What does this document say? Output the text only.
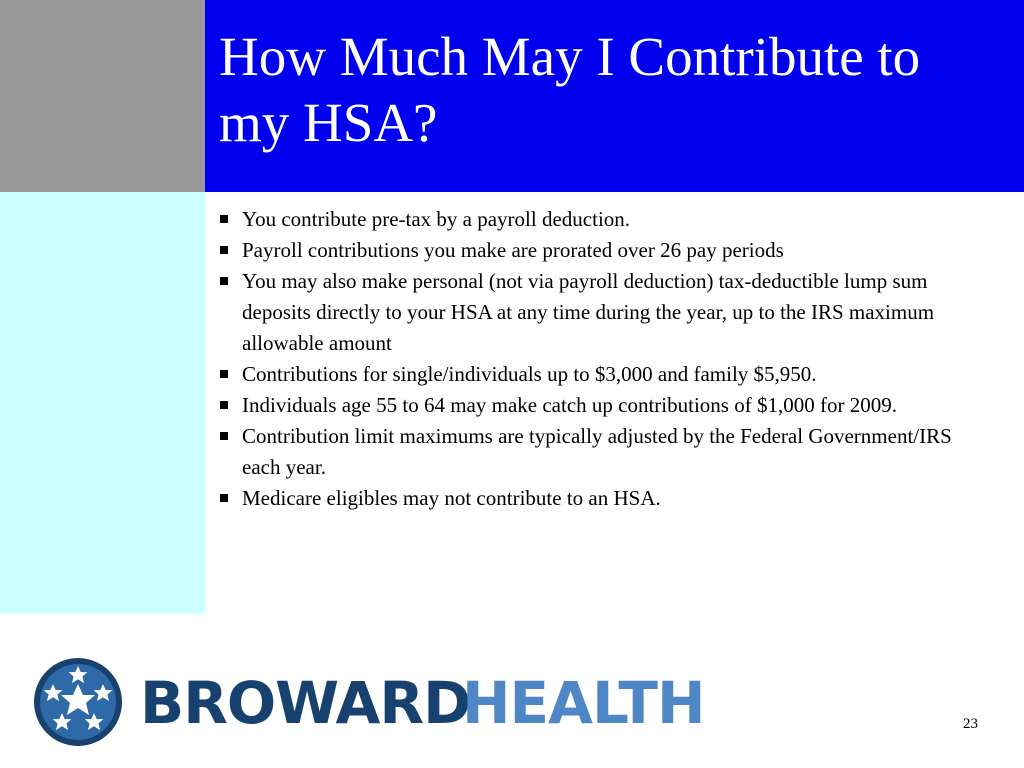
How Much May I Contribute to my HSA?
You contribute pre-tax by a payroll deduction.
Payroll contributions you make are prorated over 26 pay periods
You may also make personal (not via payroll deduction) tax-deductible lump sum deposits directly to your HSA at any time during the year, up to the IRS maximum allowable amount
Contributions for single/individuals up to $3,000 and family $5,950.
Individuals age 55 to 64 may make catch up contributions of $1,000 for 2009.
Contribution limit maximums are typically adjusted by the Federal Government/IRS each year.
Medicare eligibles may not contribute to an HSA.
BROWARD
HEALTH	23
